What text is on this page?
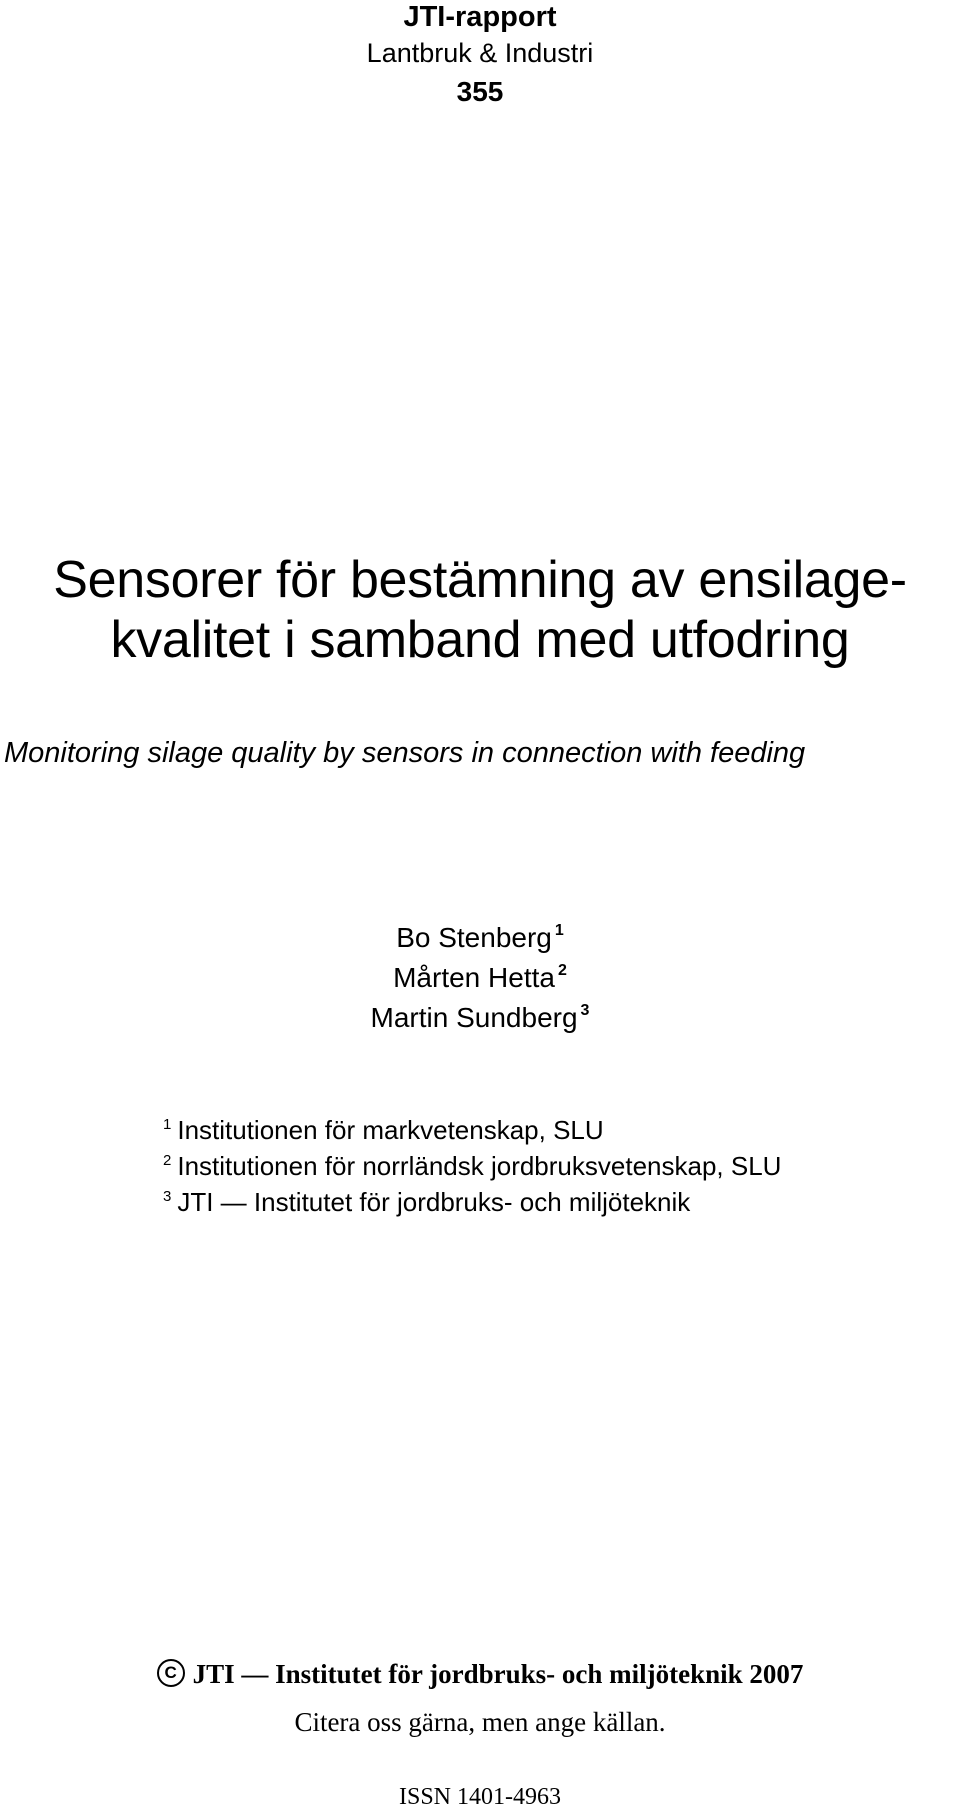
JTI-rapport
Lantbruk & Industri
355
Sensorer för bestämning av ensilage-
kvalitet i samband med utfodring
Monitoring silage quality by sensors in connection with feeding
Bo Stenberg $^1$
Mårten Hetta $^2$
Martin Sundberg $^3$
$^1$ Institutionen för markvetenskap, SLU
$^2$ Institutionen för norrländsk jordbruksvetenskap, SLU
$^3$ JTI — Institutet för jordbruks- och miljöteknik
CJTI — Institutet för jordbruks- och miljöteknik 2007
Citera oss gärna, men ange källan.
ISSN 1401-4963
